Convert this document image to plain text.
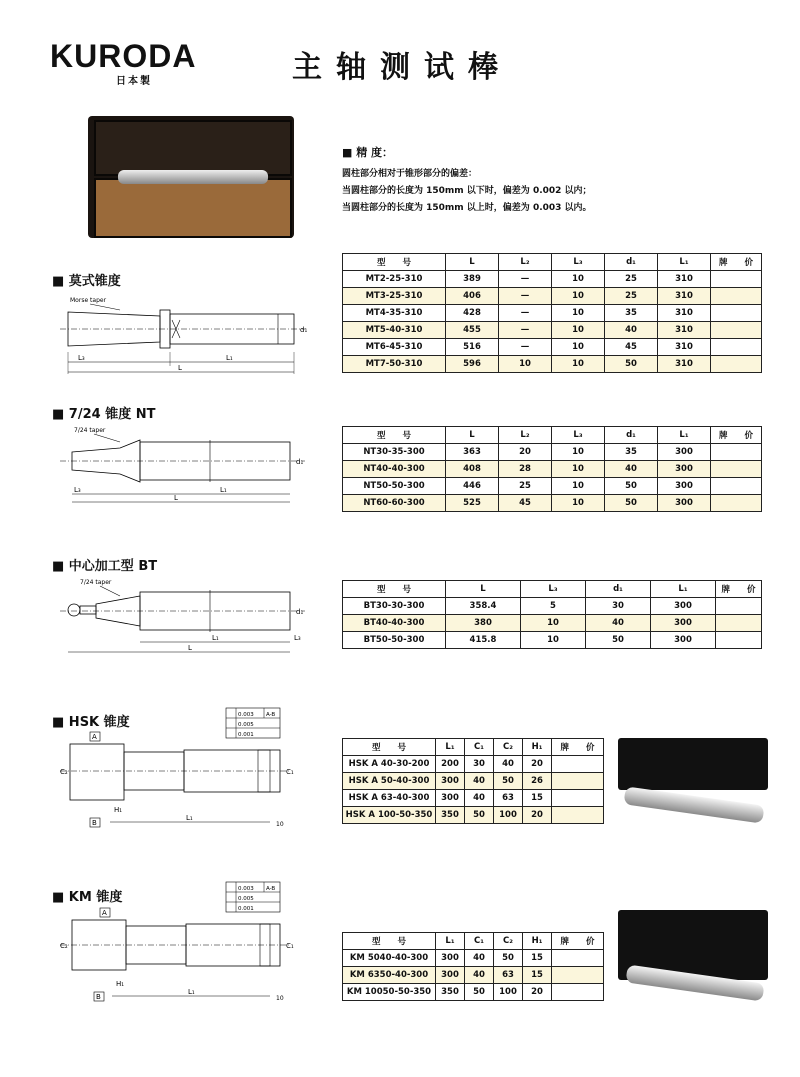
KURODA
日本製	主轴测试棒
■ 精 度：
圆柱部分相对于锥形部分的偏差：
当圆柱部分的长度为 150mm 以下时，偏差为 0.002 以内；
当圆柱部分的长度为 150mm 以上时，偏差为 0.003 以内。
■ 莫式锥度
Morse taper
L₃	L₁
L
d₁
型　　号	L	L₂	L₃	d₁	L₁	牌　　价
MT2-25-310	389	—	10	25	310	
MT3-25-310	406	—	10	25	310	
MT4-35-310	428	—	10	35	310	
MT5-40-310	455	—	10	40	310	
MT6-45-310	516	—	10	45	310	
MT7-50-310	596	10	10	50	310	
■ 7/24 锥度 NT
7/24 taper
L₃	L₁
L
d₁
型　　号	L	L₂	L₃	d₁	L₁	牌　　价
NT30-35-300	363	20	10	35	300	
NT40-40-300	408	28	10	40	300	
NT50-50-300	446	25	10	50	300	
NT60-60-300	525	45	10	50	300	
■ 中心加工型 BT
7/24 taper
L₁
L
L₃
d₁
型　　号	L	L₃	d₁	L₁	牌　　价
BT30-30-300	358.4	5	30	300	
BT40-40-300	380	10	40	300	
BT50-50-300	415.8	10	50	300	
■ HSK 锥度	0.003
0.005
0.001
A-B
A
C₂	C₁
B
H₁
L₁
10
型　　号	L₁	C₁	C₂	H₁	牌　　价
HSK A 40-30-200	200	30	40	20	
HSK A 50-40-300	300	40	50	26	
HSK A 63-40-300	300	40	63	15	
HSK A 100-50-350	350	50	100	20	
■ KM 锥度
0.003
0.005
0.001
A-B
A
C₂	C₁
B
H₁
L₁
10
型　　号	L₁	C₁	C₂	H₁	牌　　价
KM 5040-40-300	300	40	50	15	
KM 6350-40-300	300	40	63	15	
KM 10050-50-350	350	50	100	20	
